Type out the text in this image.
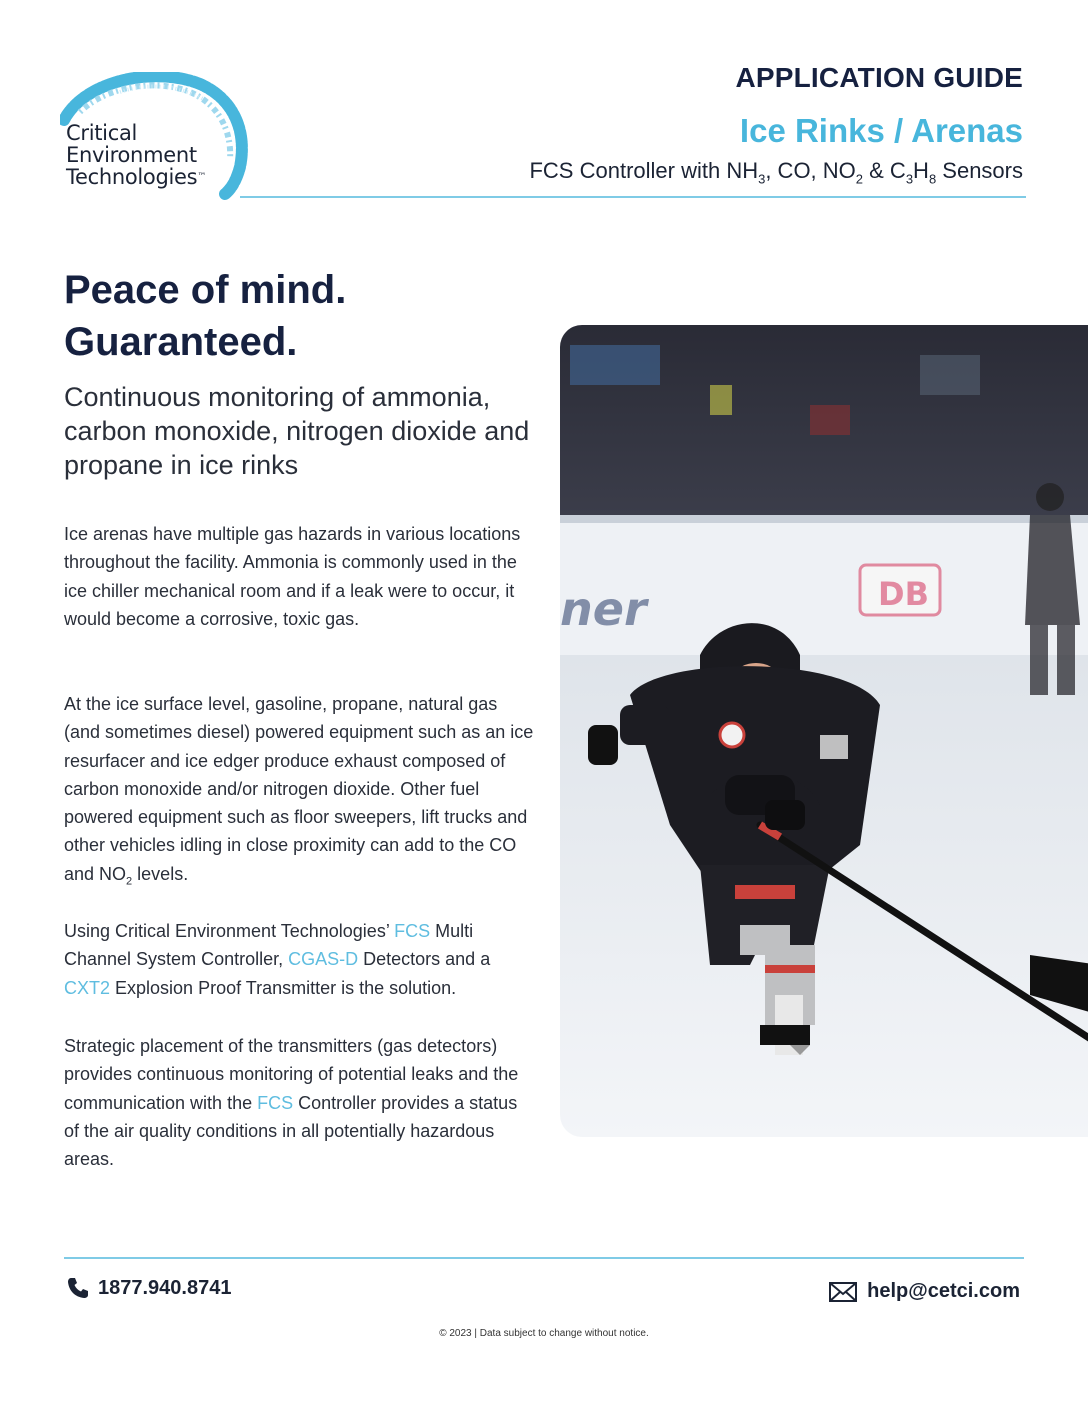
Critical
Environment
Technologies™
APPLICATION GUIDE
Ice Rinks / Arenas
FCS Controller with $NH_3$, CO, $NO_2$ & $C_3H_8$ Sensors
Peace of mind.
Guaranteed.
Continuous monitoring of ammonia, carbon monoxide, nitrogen dioxide and propane in ice rinks
Ice arenas have multiple gas hazards in various locations throughout the facility. Ammonia is commonly used in the ice chiller mechanical room and if a leak were to occur, it would become a corrosive, toxic gas.
At the ice surface level, gasoline, propane, natural gas (and sometimes diesel) powered equipment such as an ice resurfacer and ice edger produce exhaust composed of carbon monoxide and/or nitrogen dioxide. Other fuel powered equipment such as floor sweepers, lift trucks and other vehicles idling in close proximity can add to the CO and $NO_2$ levels.
Using Critical Environment Technologies’ FCS Multi Channel System Controller, CGAS-D Detectors and a CXT2 Explosion Proof Transmitter is the solution.
Strategic placement of the transmitters (gas detectors) provides continuous monitoring of potential leaks and the communication with the FCS Controller provides a status of the air quality conditions in all potentially hazardous areas.
ner	DB
1877.940.8741	help@cetci.com
© 2023 | Data subject to change without notice.
